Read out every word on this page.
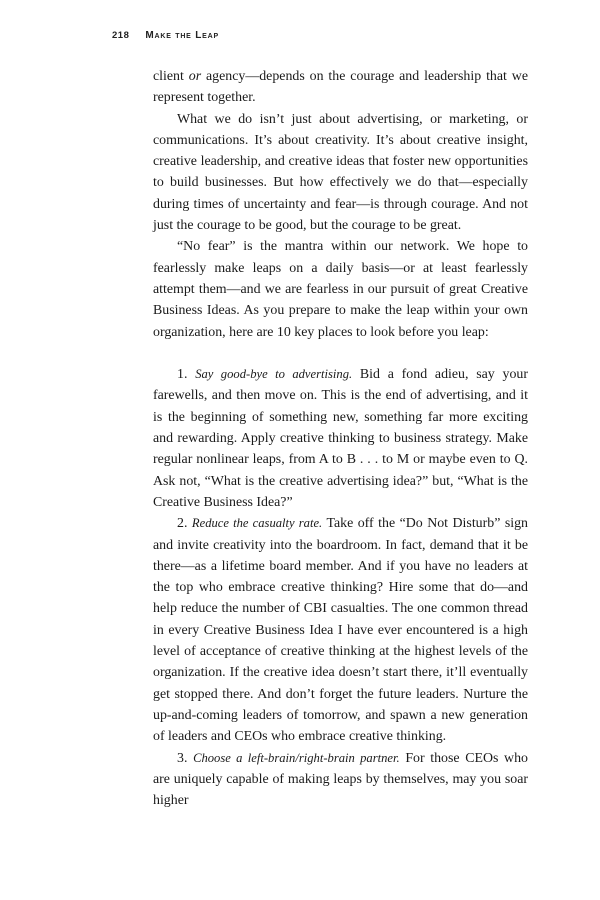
218 Make the Leap

client or agency—depends on the courage and leadership that we represent together.

What we do isn’t just about advertising, or marketing, or communications. It’s about creativity. It’s about creative insight, creative leadership, and creative ideas that foster new opportunities to build businesses. But how effectively we do that—especially during times of uncertainty and fear—is through courage. And not just the courage to be good, but the courage to be great.

“No fear” is the mantra within our network. We hope to fearlessly make leaps on a daily basis—or at least fearlessly attempt them—and we are fearless in our pursuit of great Creative Business Ideas. As you prepare to make the leap within your own organization, here are 10 key places to look before you leap:

1. Say good-bye to advertising. Bid a fond adieu, say your farewells, and then move on. This is the end of advertising, and it is the beginning of something new, something far more exciting and rewarding. Apply creative thinking to business strategy. Make regular nonlinear leaps, from A to B . . . to M or maybe even to Q. Ask not, “What is the creative advertising idea?” but, “What is the Creative Business Idea?”

2. Reduce the casualty rate. Take off the “Do Not Disturb” sign and invite creativity into the boardroom. In fact, demand that it be there—as a lifetime board member. And if you have no leaders at the top who embrace creative thinking? Hire some that do—and help reduce the number of CBI casualties. The one common thread in every Creative Business Idea I have ever encountered is a high level of acceptance of creative thinking at the highest levels of the organization. If the creative idea doesn’t start there, it’ll eventually get stopped there. And don’t forget the future leaders. Nurture the up-and-coming leaders of tomorrow, and spawn a new generation of leaders and CEOs who embrace creative thinking.

3. Choose a left-brain/right-brain partner. For those CEOs who are uniquely capable of making leaps by themselves, may you soar higher
